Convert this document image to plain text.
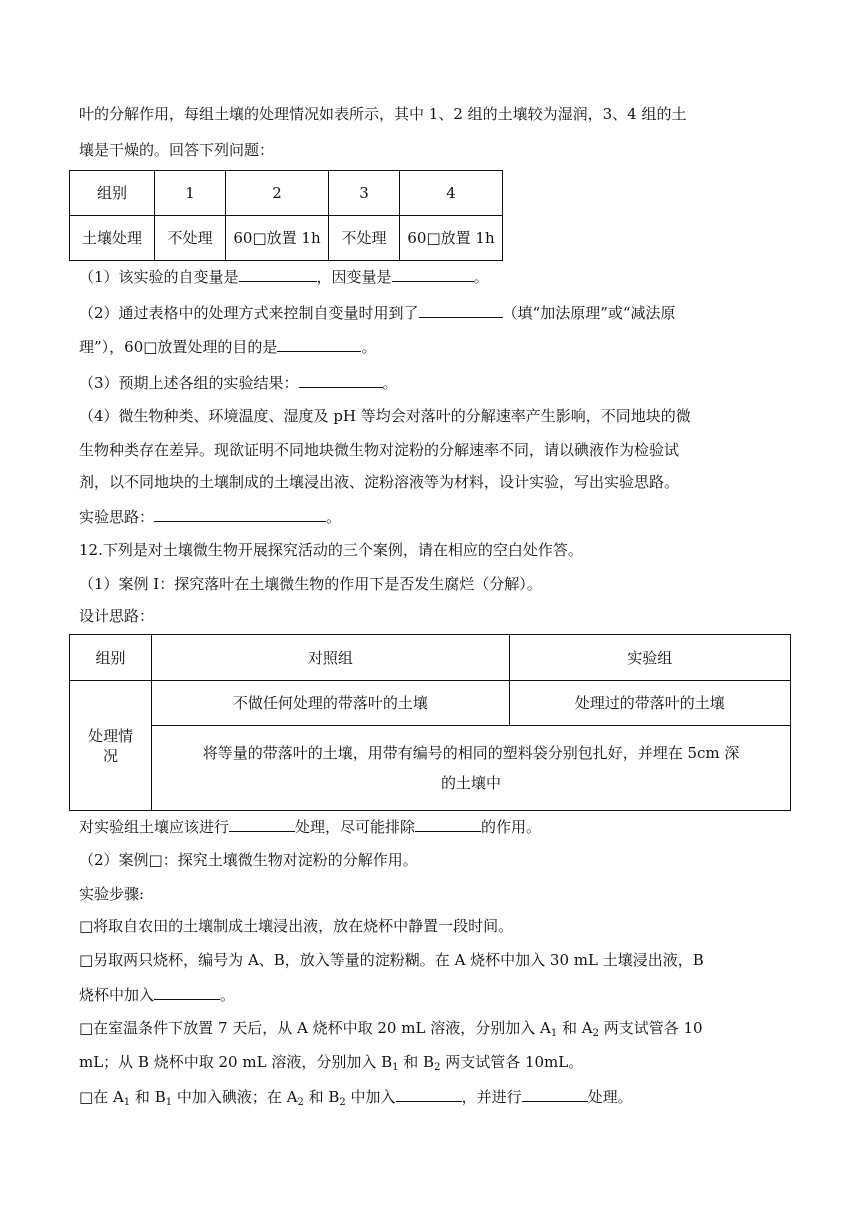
叶的分解作用，每组土壤的处理情况如表所示，其中 1、2 组的土壤较为湿润，3、4 组的土
壤是干燥的。回答下列问题：
组别	1	2	3	4
土壤处理	不处理	60□放置 1h	不处理	60□放置 1h
（1）该实验的自变量是	，因变量是	。
（2）通过表格中的处理方式来控制自变量时用到了	（填“加法原理”或“减法原
理”），60□放置处理的目的是	。
（3）预期上述各组的实验结果：	。
（4）微生物种类、环境温度、湿度及 pH 等均会对落叶的分解速率产生影响，不同地块的微
生物种类存在差异。现欲证明不同地块微生物对淀粉的分解速率不同，请以碘液作为检验试
剂，以不同地块的土壤制成的土壤浸出液、淀粉溶液等为材料，设计实验，写出实验思路。
实验思路：	。
12.下列是对土壤微生物开展探究活动的三个案例，请在相应的空白处作答。
（1）案例 I：探究落叶在土壤微生物的作用下是否发生腐烂（分解）。
设计思路：
组别	对照组	实验组
处理情况	不做任何处理的带落叶的土壤	处理过的带落叶的土壤

	将等量的带落叶的土壤，用带有编号的相同的塑料袋分别包扎好，并埋在 5cm 深
的土壤中	
对实验组土壤应该进行	处理，尽可能排除	的作用。
（2）案例□：探究土壤微生物对淀粉的分解作用。
实验步骤:
□将取自农田的土壤制成土壤浸出液，放在烧杯中静置一段时间。
□另取两只烧杯，编号为 A、B，放入等量的淀粉糊。在 A 烧杯中加入 30 mL 土壤浸出液，B
烧杯中加入	。
□在室温条件下放置 7 天后，从 A 烧杯中取 20 mL 溶液，分别加入 $A_1$ 和 $A_2$ 两支试管各 10
mL；从 B 烧杯中取 20 mL 溶液，分别加入 $B_1$ 和 $B_2$ 两支试管各 10mL。
□在 $A_1$ 和 $B_1$ 中加入碘液；在 $A_2$ 和 $B_2$ 中加入	，并进行	处理。
